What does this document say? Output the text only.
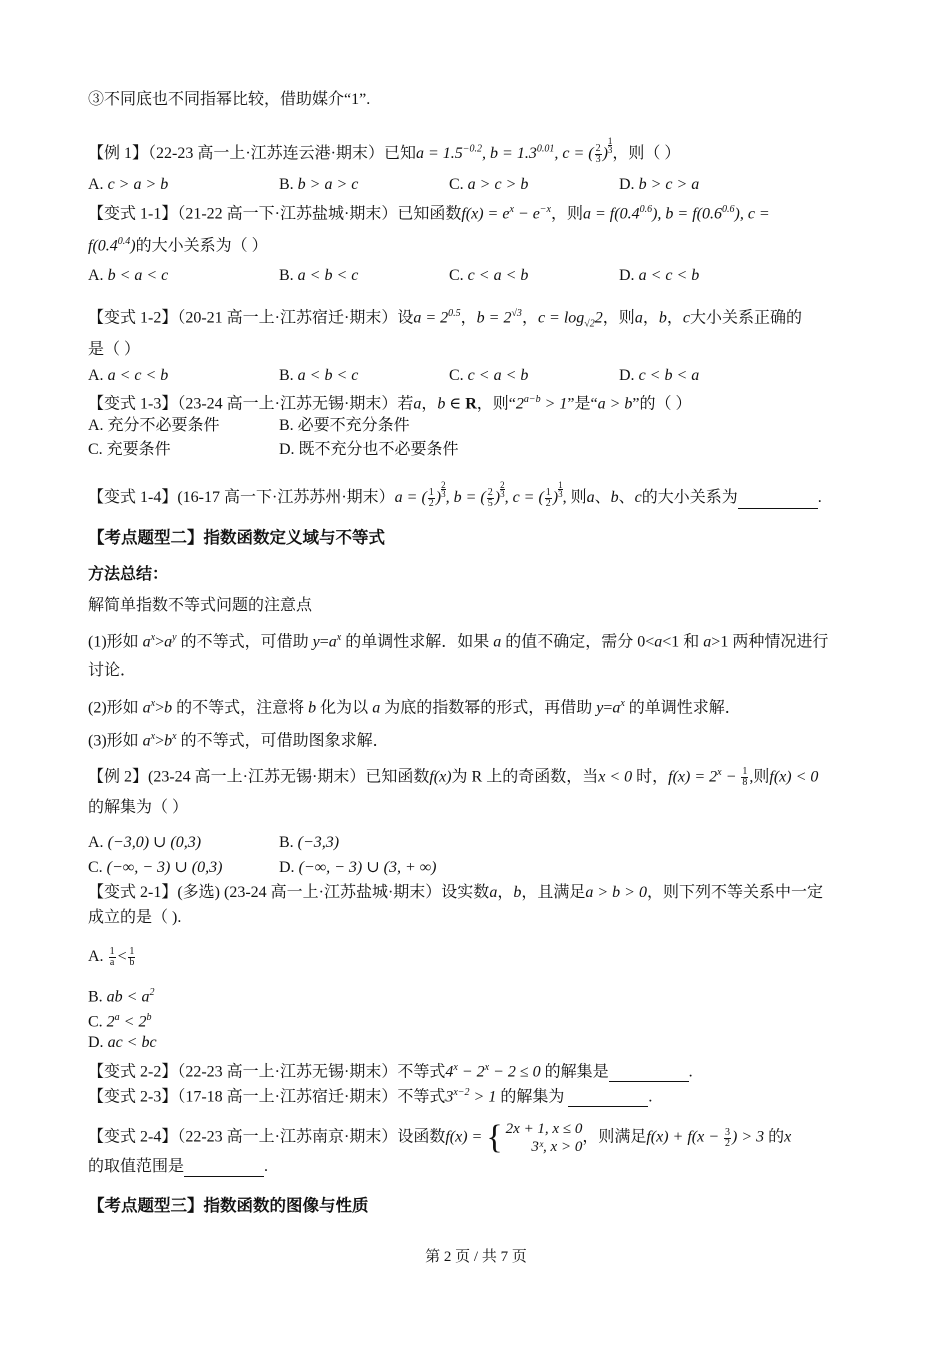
③不同底也不同指幂比较，借助媒介“1”.
【例 1】（22-23 高一上·江苏连云港·期末）已知$a = 1.5^{-0.2}$, $b = 1.3^{0.01}$, c = ( $\frac{2}{3}$ ) $\frac{1}{3}$ ，则（ ）
A. c > a > b	B. b > a > c	C. a > c > b	D. b > c > a
【变式 1-1】（21-22 高一下·江苏盐城·期末）已知函数$f(x) = e^x - e^{-x}$，则$a = f(0.4^{0.6})$, $b = f(0.6^{0.6})$, c =
$f(0.4^{0.4})$的大小关系为（ ）
A. b < a < c	B. a < b < c	C. c < a < b	D. a < c < b
【变式 1-2】（20-21 高一上·江苏宿迁·期末）设$a = 2^{0.5}$，$b = 2^{√3}$，$c = \log_{√2}2$，则a，b，c大小关系正确的
是（ ）
A. a < c < b	B. a < b < c	C. c < a < b	D. c < b < a
【变式 1-3】（23-24 高一上·江苏无锡·期末）若a，b ∈ R，则“$2^{a-b} > 1$”是“a > b”的（ ）
A. 充分不必要条件	B. 必要不充分条件
C. 充要条件	D. 既不充分也不必要条件
【变式 1-4】(16-17 高一下·江苏苏州·期末）a = ( $\frac{1}{2}$ ) $\frac{2}{3}$ , b = ( $\frac{2}{5}$ ) $\frac{2}{3}$ , c = ( $\frac{1}{2}$ ) $\frac{1}{3}$ , 则a、b、c的大小关系为	.
【考点题型二】指数函数定义域与不等式
方法总结：
解简单指数不等式问题的注意点
(1)形如 $a^x>a^y$ 的不等式，可借助 $y=a^x$ 的单调性求解．如果 a 的值不确定，需分 0<a<1 和 a>1 两种情况进行
讨论．
(2)形如 $a^x>b$ 的不等式，注意将 b 化为以 a 为底的指数幂的形式，再借助 $y=a^x$ 的单调性求解．
(3)形如 $a^x>b^x$ 的不等式，可借助图象求解．
【例 2】(23-24 高一上·江苏无锡·期末）已知函数f(x)为 R 上的奇函数，当x < 0 时，$f(x) = 2^x - \frac{1}{8}$ ,则f(x) < 0
的解集为（ ）
A. (−3,0) ∪ (0,3)	B. (−3,3)
C. (−∞, − 3) ∪ (0,3)	D. (−∞, − 3) ∪ (3, + ∞)
【变式 2-1】(多选) (23-24 高一上·江苏盐城·期末）设实数a，b，且满足a > b > 0，则下列不等关系中一定
成立的是（ ).
A. $\frac{1}{a} < \frac{1}{b}$
B. ab < $a^2$
C. $2^a < 2^b$
D. ac < bc
【变式 2-2】（22-23 高一上·江苏无锡·期末）不等式$4^x - 2^x - 2 \le 0$ 的解集是	.
【变式 2-3】（17-18 高一上·江苏宿迁·期末）不等式$3^{x-2} > 1$ 的解集为	.
【变式 2-4】（22-23 高一上·江苏南京·期末）设函数f(x) = { 2x + 1, x ≤ 0
3ˣ, x > 0
，则满足$f(x) + f(x - \frac{3}{2}$ ) > 3 的x
的取值范围是	.
【考点题型三】指数函数的图像与性质
第 2 页 / 共 7 页
